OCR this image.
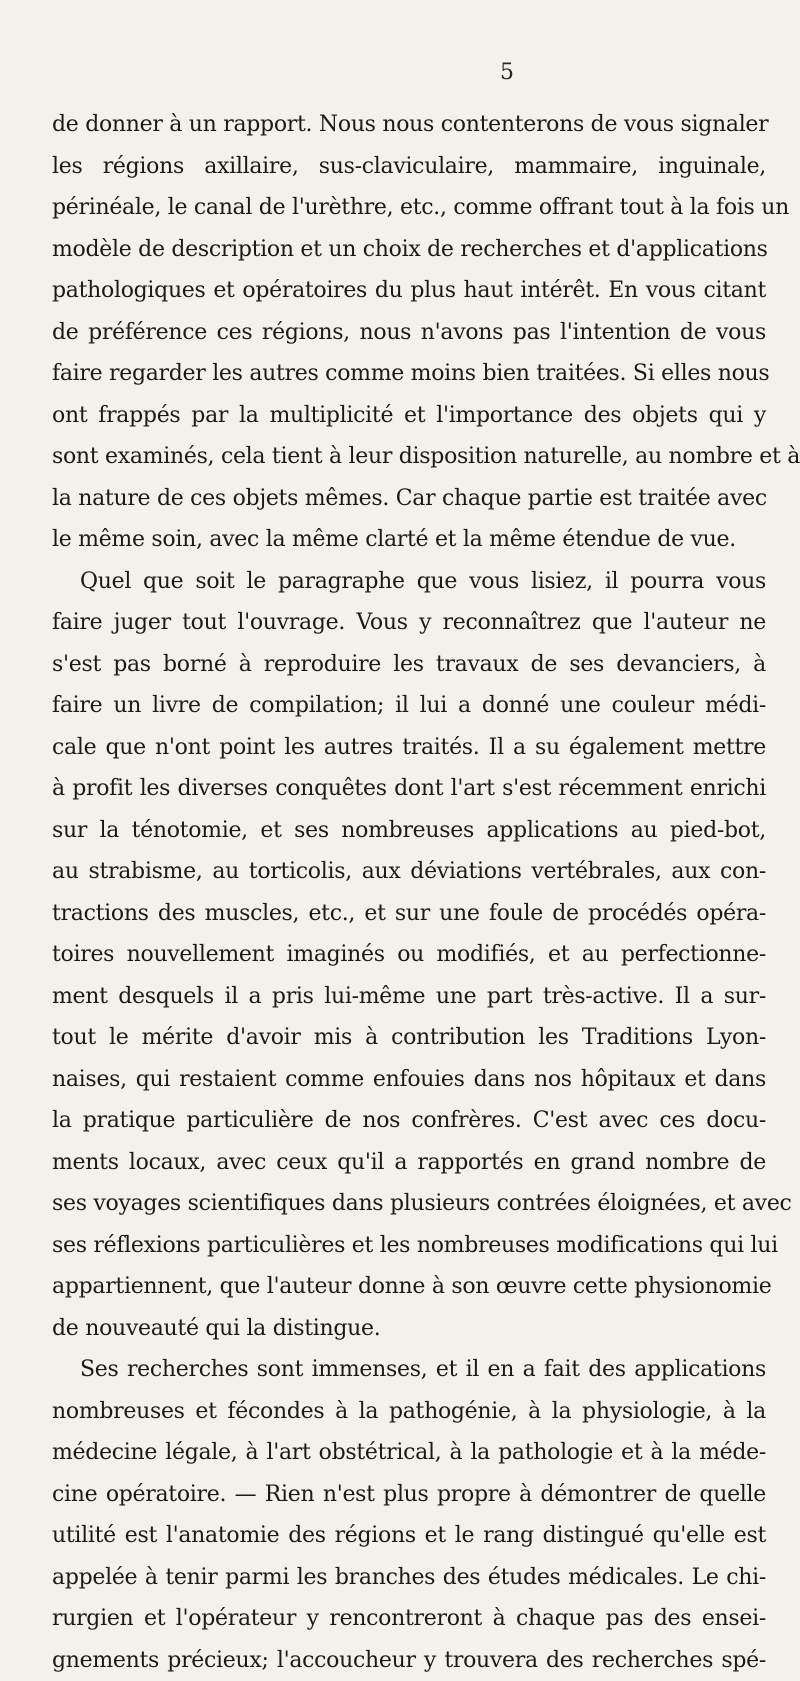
5
de donner à un rapport. Nous nous contenterons de vous signaler
les régions axillaire, sus-claviculaire, mammaire, inguinale,
périnéale, le canal de l'urèthre, etc., comme offrant tout à la fois un
modèle de description et un choix de recherches et d'applications
pathologiques et opératoires du plus haut intérêt. En vous citant
de préférence ces régions, nous n'avons pas l'intention de vous
faire regarder les autres comme moins bien traitées. Si elles nous
ont frappés par la multiplicité et l'importance des objets qui y
sont examinés, cela tient à leur disposition naturelle, au nombre et à
la nature de ces objets mêmes. Car chaque partie est traitée avec
le même soin, avec la même clarté et la même étendue de vue.
Quel que soit le paragraphe que vous lisiez, il pourra vous
faire juger tout l'ouvrage. Vous y reconnaîtrez que l'auteur ne
s'est pas borné à reproduire les travaux de ses devanciers, à
faire un livre de compilation; il lui a donné une couleur médi-
cale que n'ont point les autres traités. Il a su également mettre
à profit les diverses conquêtes dont l'art s'est récemment enrichi
sur la ténotomie, et ses nombreuses applications au pied-bot,
au strabisme, au torticolis, aux déviations vertébrales, aux con-
tractions des muscles, etc., et sur une foule de procédés opéra-
toires nouvellement imaginés ou modifiés, et au perfectionne-
ment desquels il a pris lui-même une part très-active. Il a sur-
tout le mérite d'avoir mis à contribution les Traditions Lyon-
naises, qui restaient comme enfouies dans nos hôpitaux et dans
la pratique particulière de nos confrères. C'est avec ces docu-
ments locaux, avec ceux qu'il a rapportés en grand nombre de
ses voyages scientifiques dans plusieurs contrées éloignées, et avec
ses réflexions particulières et les nombreuses modifications qui lui
appartiennent, que l'auteur donne à son œuvre cette physionomie
de nouveauté qui la distingue.
Ses recherches sont immenses, et il en a fait des applications
nombreuses et fécondes à la pathogénie, à la physiologie, à la
médecine légale, à l'art obstétrical, à la pathologie et à la méde-
cine opératoire. — Rien n'est plus propre à démontrer de quelle
utilité est l'anatomie des régions et le rang distingué qu'elle est
appelée à tenir parmi les branches des études médicales. Le chi-
rurgien et l'opérateur y rencontreront à chaque pas des ensei-
gnements précieux; l'accoucheur y trouvera des recherches spé-
